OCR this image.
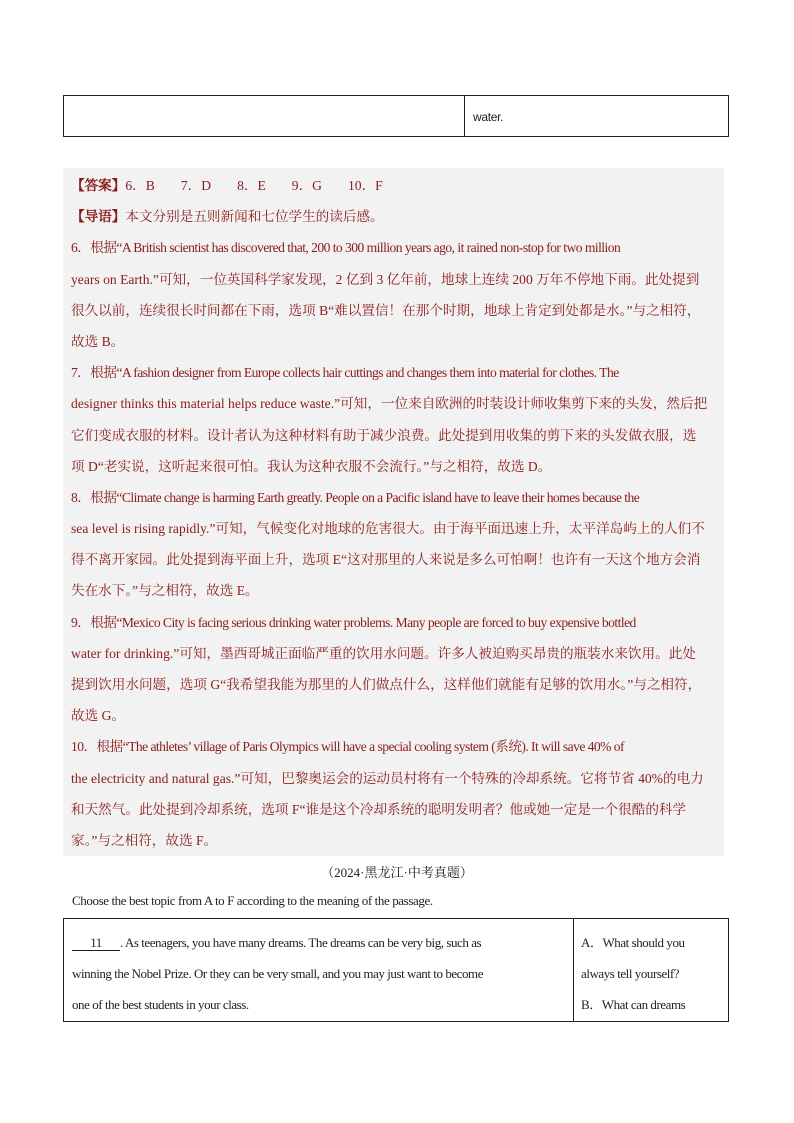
water.
【答案】6．B 7．D 8．E 9．G 10．F
【导语】本文分别是五则新闻和七位学生的读后感。
6．根据“A British scientist has discovered that, 200 to 300 million years ago, it rained non-stop for two million
years on Earth.”可知，一位英国科学家发现，2 亿到 3 亿年前，地球上连续 200 万年不停地下雨。此处提到
很久以前，连续很长时间都在下雨，选项 B“难以置信！在那个时期，地球上肯定到处都是水。”与之相符，
故选 B。
7．根据“A fashion designer from Europe collects hair cuttings and changes them into material for clothes. The
designer thinks this material helps reduce waste.”可知，一位来自欧洲的时装设计师收集剪下来的头发，然后把
它们变成衣服的材料。设计者认为这种材料有助于减少浪费。此处提到用收集的剪下来的头发做衣服，选
项 D“老实说，这听起来很可怕。我认为这种衣服不会流行。”与之相符，故选 D。
8．根据“Climate change is harming Earth greatly. People on a Pacific island have to leave their homes because the
sea level is rising rapidly.”可知，气候变化对地球的危害很大。由于海平面迅速上升，太平洋岛屿上的人们不
得不离开家园。此处提到海平面上升，选项 E“这对那里的人来说是多么可怕啊！也许有一天这个地方会消
失在水下。”与之相符，故选 E。
9．根据“Mexico City is facing serious drinking water problems. Many people are forced to buy expensive bottled
water for drinking.”可知，墨西哥城正面临严重的饮用水问题。许多人被迫购买昂贵的瓶装水来饮用。此处
提到饮用水问题，选项 G“我希望我能为那里的人们做点什么，这样他们就能有足够的饮用水。”与之相符，
故选 G。
10．根据“The athletes’ village of Paris Olympics will have a special cooling system (系统). It will save 40% of
the electricity and natural gas.”可知，巴黎奥运会的运动员村将有一个特殊的冷却系统。它将节省 40%的电力
和天然气。此处提到冷却系统，选项 F“谁是这个冷却系统的聪明发明者？他或她一定是一个很酷的科学
家。”与之相符，故选 F。
（2024·黑龙江·中考真题）
Choose the best topic from A to F according to the meaning of the passage.
11 . As teenagers, you have many dreams. The dreams can be very big, such as
winning the Nobel Prize. Or they can be very small, and you may just want to become
one of the best students in your class.
A．What should you
always tell yourself?
B．What can dreams
